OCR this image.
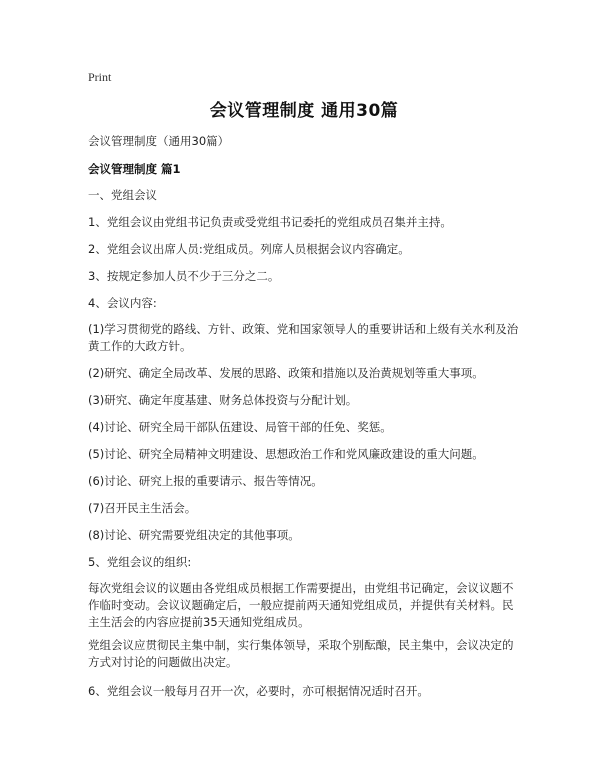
Print
会议管理制度 通用30篇
会议管理制度（通用30篇）
会议管理制度 篇1
一、党组会议
1、党组会议由党组书记负责或受党组书记委托的党组成员召集并主持。
2、党组会议出席人员:党组成员。列席人员根据会议内容确定。
3、按规定参加人员不少于三分之二。
4、会议内容:
(1)学习贯彻党的路线、方针、政策、党和国家领导人的重要讲话和上级有关水利及治黄工作的大政方针。
(2)研究、确定全局改革、发展的思路、政策和措施以及治黄规划等重大事项。
(3)研究、确定年度基建、财务总体投资与分配计划。
(4)讨论、研究全局干部队伍建设、局管干部的任免、奖惩。
(5)讨论、研究全局精神文明建设、思想政治工作和党风廉政建设的重大问题。
(6)讨论、研究上报的重要请示、报告等情况。
(7)召开民主生活会。
(8)讨论、研究需要党组决定的其他事项。
5、党组会议的组织:
每次党组会议的议题由各党组成员根据工作需要提出，由党组书记确定，会议议题不作临时变动。会议议题确定后，一般应提前两天通知党组成员，并提供有关材料。民主生活会的内容应提前35天通知党组成员。
党组会议应贯彻民主集中制，实行集体领导，采取个别酝酿，民主集中，会议决定的方式对讨论的问题做出决定。
6、党组会议一般每月召开一次，必要时，亦可根据情况适时召开。
